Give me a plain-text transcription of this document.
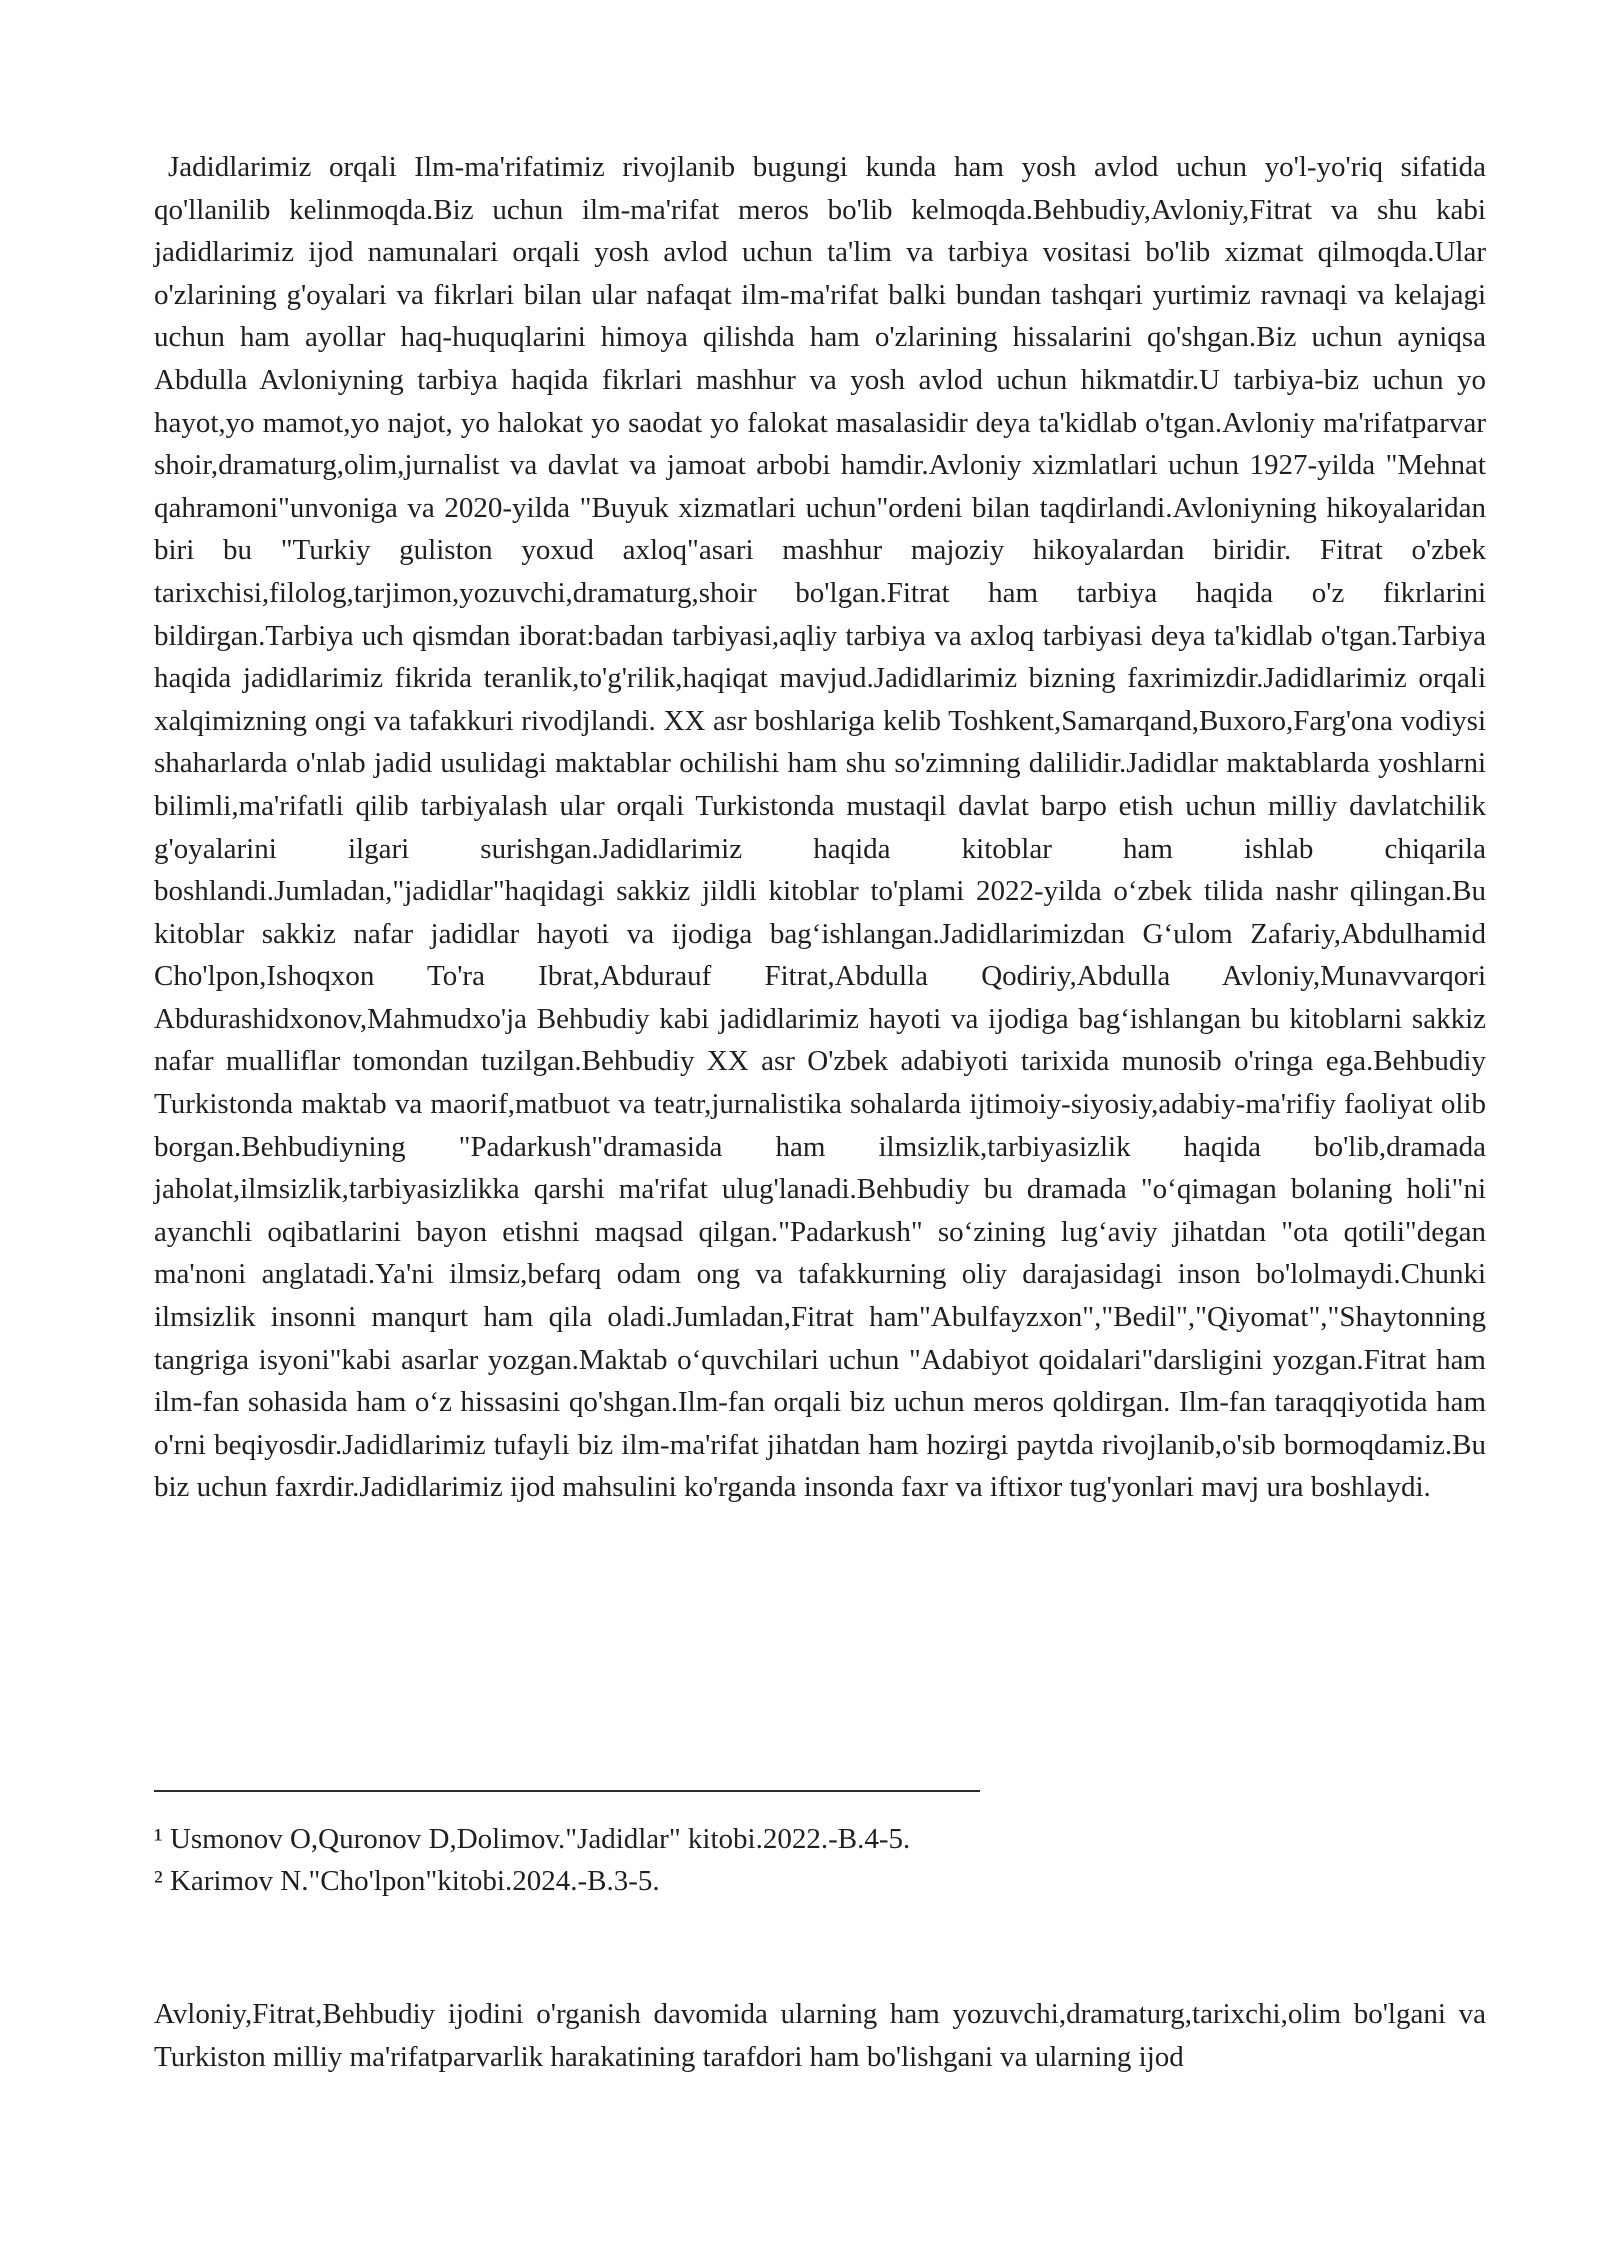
Jadidlarimiz orqali Ilm-ma'rifatimiz rivojlanib bugungi kunda ham yosh avlod uchun yo'l-yo'riq sifatida qo'llanilib kelinmoqda.Biz uchun ilm-ma'rifat meros bo'lib kelmoqda.Behbudiy,Avloniy,Fitrat va shu kabi jadidlarimiz ijod namunalari orqali yosh avlod uchun ta'lim va tarbiya vositasi bo'lib xizmat qilmoqda.Ular o'zlarining g'oyalari va fikrlari bilan ular nafaqat ilm-ma'rifat balki bundan tashqari yurtimiz ravnaqi va kelajagi uchun ham ayollar haq-huquqlarini himoya qilishda ham o'zlarining hissalarini qo'shgan.Biz uchun ayniqsa Abdulla Avloniyning tarbiya haqida fikrlari mashhur va yosh avlod uchun hikmatdir.U tarbiya-biz uchun yo hayot,yo mamot,yo najot, yo halokat yo saodat yo falokat masalasidir deya ta'kidlab o'tgan.Avloniy ma'rifatparvar shoir,dramaturg,olim,jurnalist va davlat va jamoat arbobi hamdir.Avloniy xizmlatlari uchun 1927-yilda "Mehnat qahramoni"unvoniga va 2020-yilda "Buyuk xizmatlari uchun"ordeni bilan taqdirlandi.Avloniyning hikoyalaridan biri bu "Turkiy guliston yoxud axloq"asari mashhur majoziy hikoyalardan biridir. Fitrat o'zbek tarixchisi,filolog,tarjimon,yozuvchi,dramaturg,shoir bo'lgan.Fitrat ham tarbiya haqida o'z fikrlarini bildirgan.Tarbiya uch qismdan iborat:badan tarbiyasi,aqliy tarbiya va axloq tarbiyasi deya ta'kidlab o'tgan.Tarbiya haqida jadidlarimiz fikrida teranlik,to'g'rilik,haqiqat mavjud.Jadidlarimiz bizning faxrimizdir.Jadidlarimiz orqali xalqimizning ongi va tafakkuri rivodjlandi. XX asr boshlariga kelib Toshkent,Samarqand,Buxoro,Farg'ona vodiysi shaharlarda o'nlab jadid usulidagi maktablar ochilishi ham shu so'zimning dalilidir.Jadidlar maktablarda yoshlarni bilimli,ma'rifatli qilib tarbiyalash ular orqali Turkistonda mustaqil davlat barpo etish uchun milliy davlatchilik g'oyalarini ilgari surishgan.Jadidlarimiz haqida kitoblar ham ishlab chiqarila boshlandi.Jumladan,"jadidlar"haqidagi sakkiz jildli kitoblar to'plami 2022-yilda o‘zbek tilida nashr qilingan.Bu kitoblar sakkiz nafar jadidlar hayoti va ijodiga bag‘ishlangan.Jadidlarimizdan G‘ulom Zafariy,Abdulhamid Cho'lpon,Ishoqxon To'ra Ibrat,Abdurauf Fitrat,Abdulla Qodiriy,Abdulla Avloniy,Munavvarqori Abdurashidxonov,Mahmudxo'ja Behbudiy kabi jadidlarimiz hayoti va ijodiga bag‘ishlangan bu kitoblarni sakkiz nafar mualliflar tomondan tuzilgan.Behbudiy XX asr O'zbek adabiyoti tarixida munosib o'ringa ega.Behbudiy Turkistonda maktab va maorif,matbuot va teatr,jurnalistika sohalarda ijtimoiy-siyosiy,adabiy-ma'rifiy faoliyat olib borgan.Behbudiyning "Padarkush"dramasida ham ilmsizlik,tarbiyasizlik haqida bo'lib,dramada jaholat,ilmsizlik,tarbiyasizlikka qarshi ma'rifat ulug'lanadi.Behbudiy bu dramada "o‘qimagan bolaning holi"ni ayanchli oqibatlarini bayon etishni maqsad qilgan."Padarkush" so‘zining lug‘aviy jihatdan "ota qotili"degan ma'noni anglatadi.Ya'ni ilmsiz,befarq odam ong va tafakkurning oliy darajasidagi inson bo'lolmaydi.Chunki ilmsizlik insonni manqurt ham qila oladi.Jumladan,Fitrat ham"Abulfayzxon","Bedil","Qiyomat","Shaytonning tangriga isyoni"kabi asarlar yozgan.Maktab o‘quvchilari uchun "Adabiyot qoidalari"darsligini yozgan.Fitrat ham ilm-fan sohasida ham o‘z hissasini qo'shgan.Ilm-fan orqali biz uchun meros qoldirgan. Ilm-fan taraqqiyotida ham o'rni beqiyosdir.Jadidlarimiz tufayli biz ilm-ma'rifat jihatdan ham hozirgi paytda rivojlanib,o'sib bormoqdamiz.Bu biz uchun faxrdir.Jadidlarimiz ijod mahsulini ko'rganda insonda faxr va iftixor tug'yonlari mavj ura boshlaydi.

¹ Usmonov O,Quronov D,Dolimov."Jadidlar" kitobi.2022.-B.4-5.

² Karimov N."Cho'lpon"kitobi.2024.-B.3-5.

Avloniy,Fitrat,Behbudiy ijodini o'rganish davomida ularning ham yozuvchi,dramaturg,tarixchi,olim bo'lgani va Turkiston milliy ma'rifatparvarlik harakatining tarafdori ham bo'lishgani va ularning ijod
